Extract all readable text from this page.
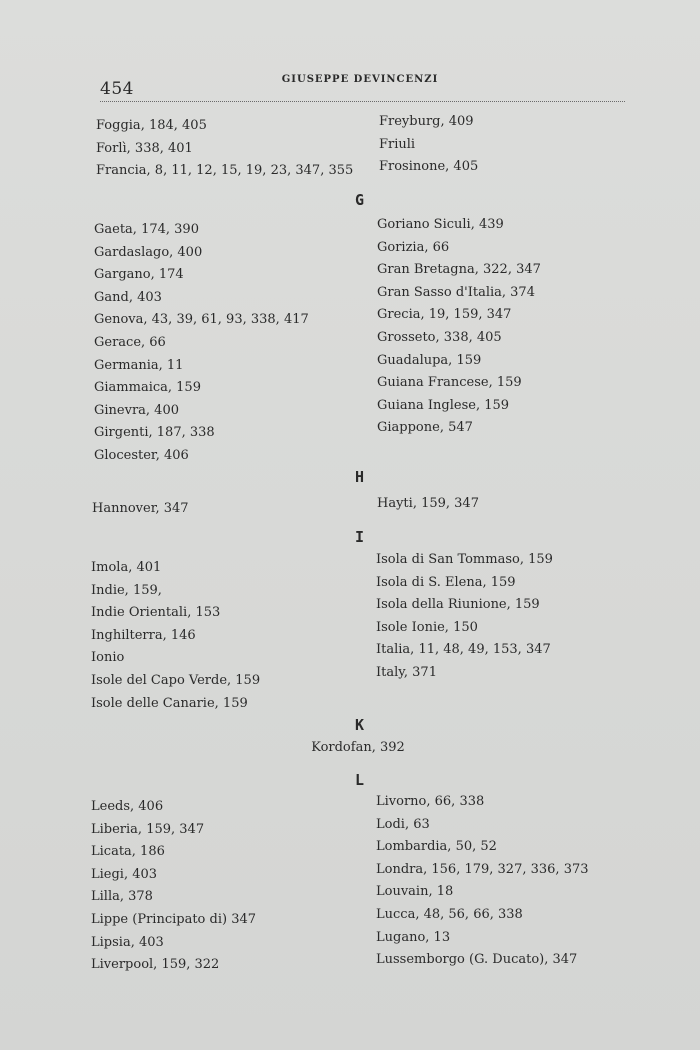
454	GIUSEPPE DEVINCENZI
Foggia, 184, 405
Forlì, 338, 401
Francia, 8, 11, 12, 15, 19, 23, 347, 355
Freyburg, 409
Friuli
Frosinone, 405
G
Gaeta, 174, 390
Gardaslago, 400
Gargano, 174
Gand, 403
Genova, 43, 39, 61, 93, 338, 417
Gerace, 66
Germania, 11
Giammaica, 159
Ginevra, 400
Girgenti, 187, 338
Glocester, 406
Goriano Siculi, 439
Gorizia, 66
Gran Bretagna, 322, 347
Gran Sasso d'Italia, 374
Grecia, 19, 159, 347
Grosseto, 338, 405
Guadalupa, 159
Guiana Francese, 159
Guiana Inglese, 159
Giappone, 547
H
Hannover, 347	Hayti, 159, 347
I
Imola, 401
Indie, 159,
Indie Orientali, 153
Inghilterra, 146
Ionio
Isole del Capo Verde, 159
Isole delle Canarie, 159
Isola di San Tommaso, 159
Isola di S. Elena, 159
Isola della Riunione, 159
Isole Ionie, 150
Italia, 11, 48, 49, 153, 347
Italy, 371
K
Kordofan, 392
L
Leeds, 406
Liberia, 159, 347
Licata, 186
Liegi, 403
Lilla, 378
Lippe (Principato di) 347
Lipsia, 403
Liverpool, 159, 322
Livorno, 66, 338
Lodi, 63
Lombardia, 50, 52
Londra, 156, 179, 327, 336, 373
Louvain, 18
Lucca, 48, 56, 66, 338
Lugano, 13
Lussemborgo (G. Ducato), 347
